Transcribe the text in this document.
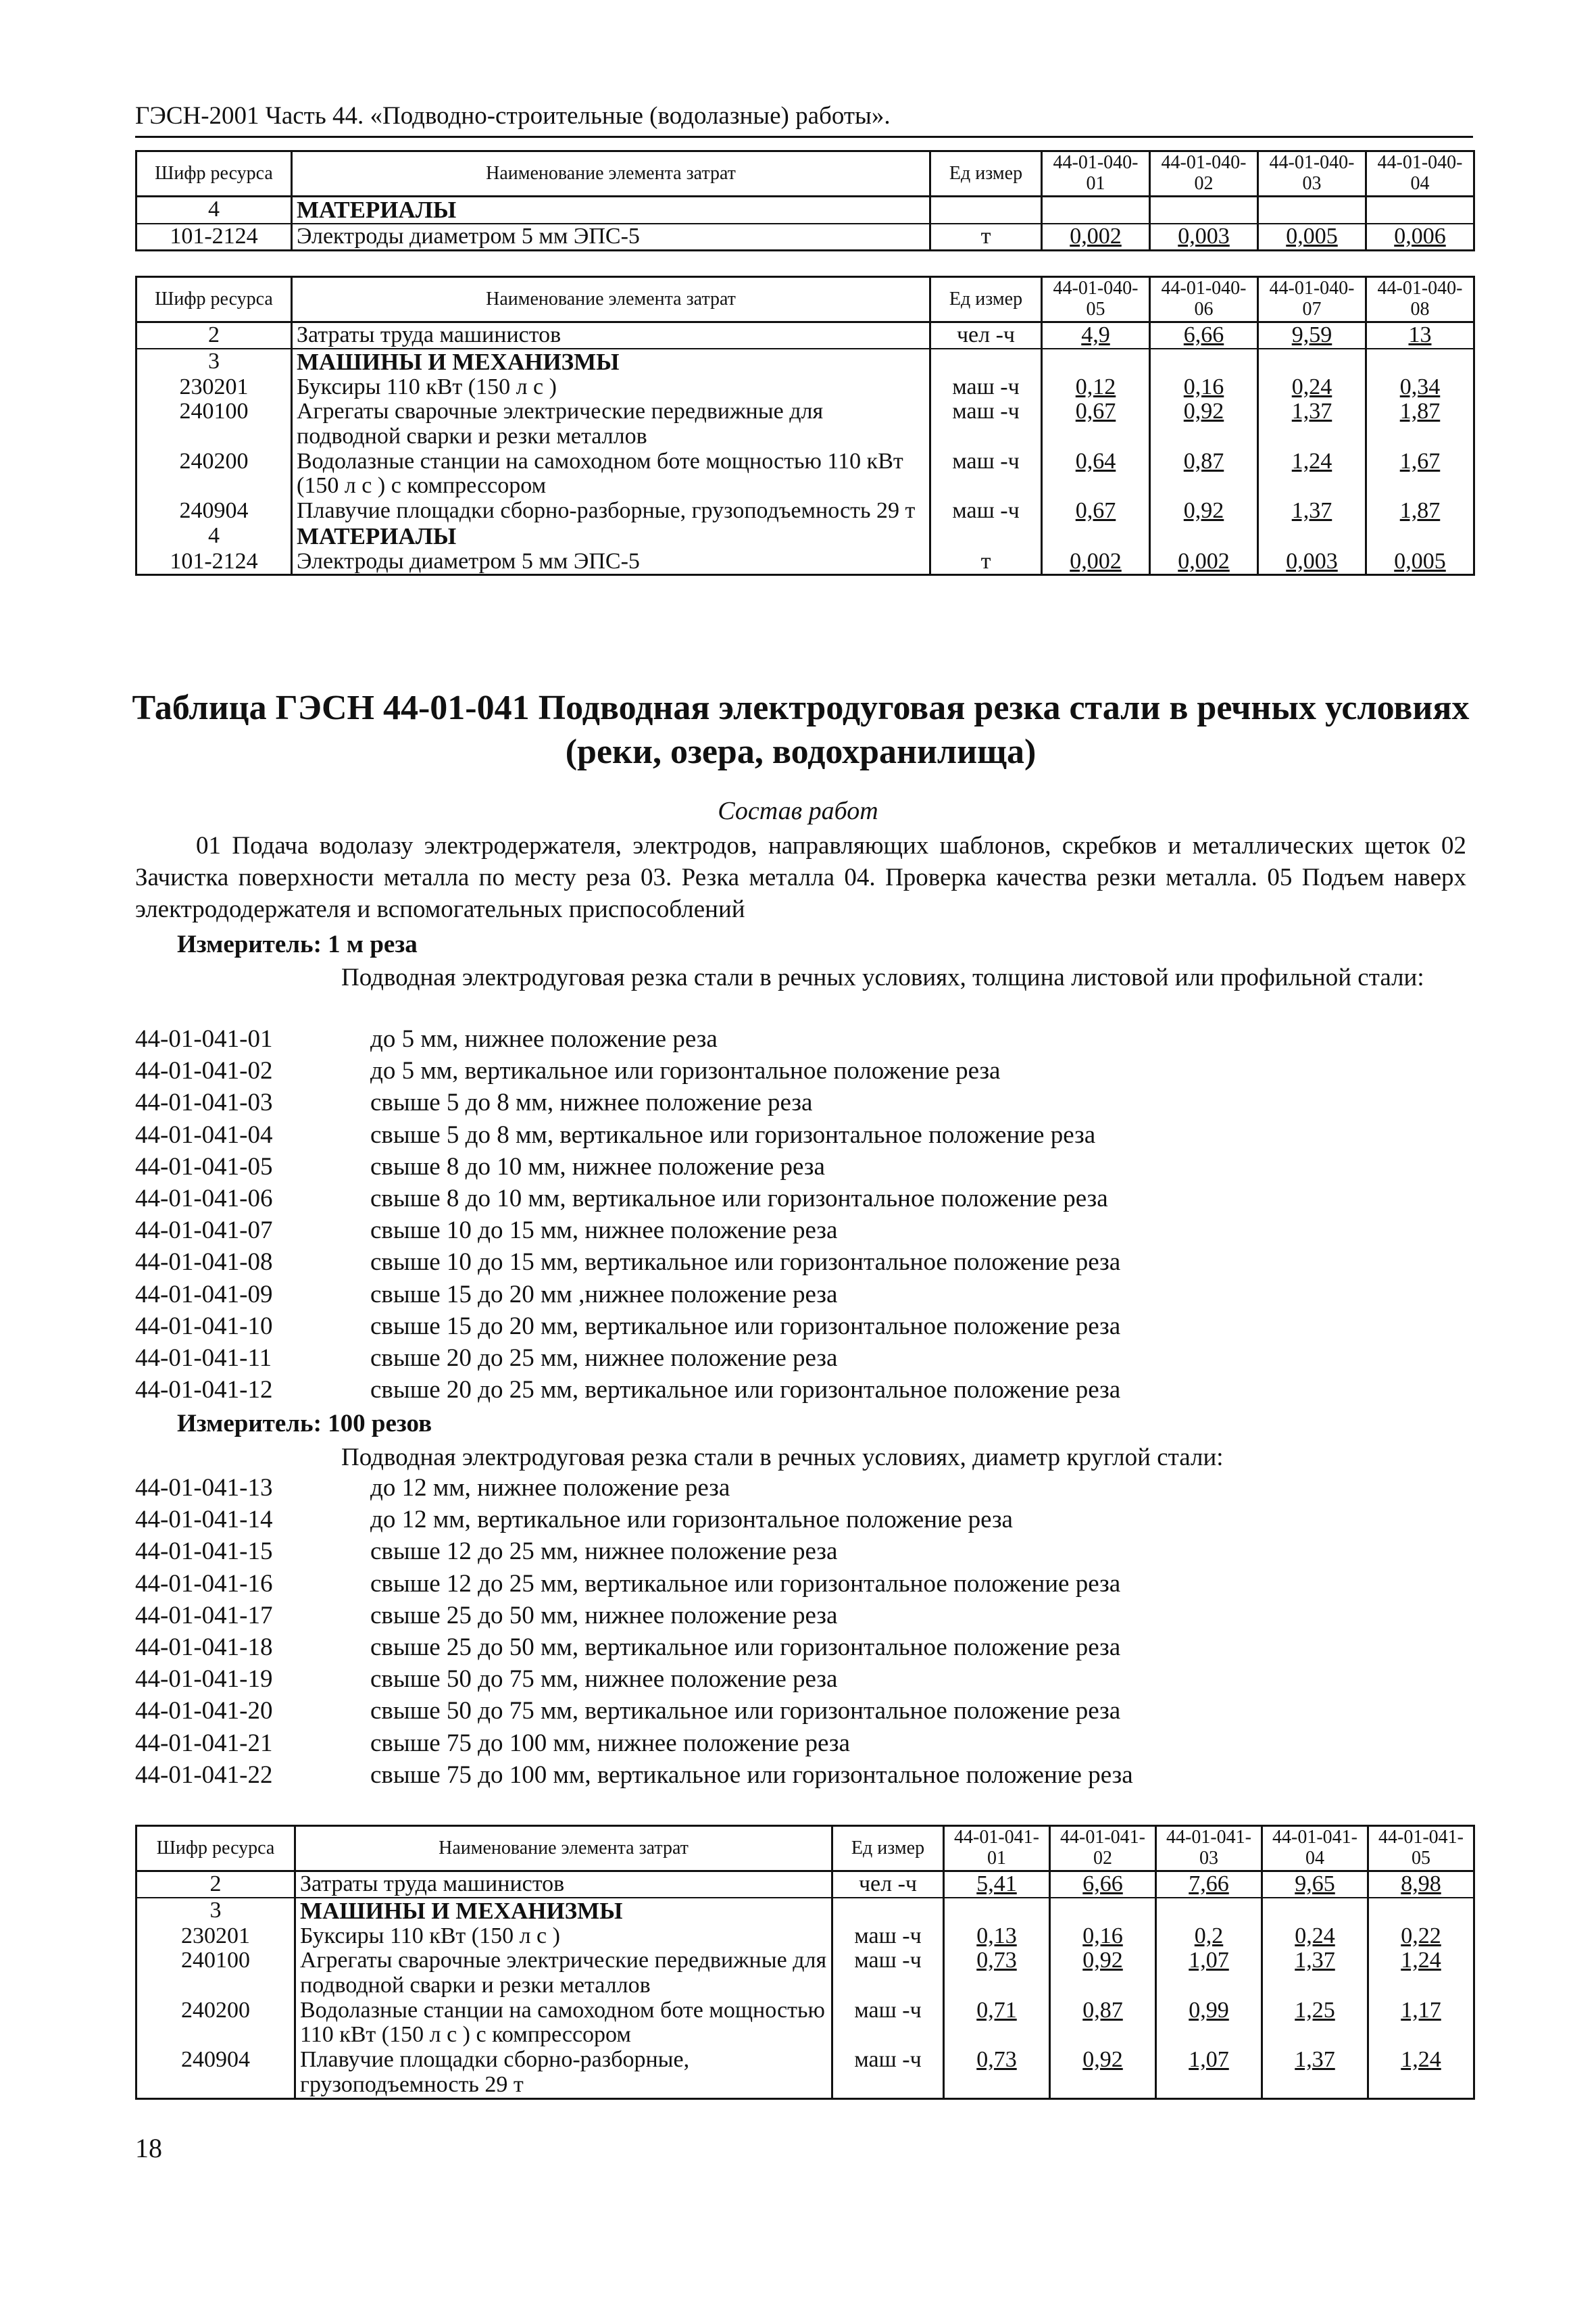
ГЭСН-2001 Часть 44. «Подводно-строительные (водолазные) работы».
Шифр ресурса	Наименование элемента затрат	Ед измер	44-01-040-01	44-01-040-02	44-01-040-03	44-01-040-04
4	МАТЕРИАЛЫ					
101-2124	Электроды диаметром 5 мм ЭПС-5	т	0,002	0,003	0,005	0,006
Шифр ресурса	Наименование элемента затрат	Ед измер	44-01-040-05	44-01-040-06	44-01-040-07	44-01-040-08
2	Затраты труда машинистов	чел -ч	4,9	6,66	9,59	13
3	МАШИНЫ И МЕХАНИЗМЫ					
230201	Буксиры 110 кВт (150 л с )	маш -ч	0,12	0,16	0,24	0,34
240100	Агрегаты сварочные электрические передвижные для подводной сварки и резки металлов	маш -ч	0,67	0,92	1,37	1,87
240200	Водолазные станции на самоходном боте мощностью 110 кВт (150 л с ) с компрессором	маш -ч	0,64	0,87	1,24	1,67
240904	Плавучие площадки сборно-разборные, грузоподъемность 29 т	маш -ч	0,67	0,92	1,37	1,87
4	МАТЕРИАЛЫ					
101-2124	Электроды диаметром 5 мм ЭПС-5	т	0,002	0,002	0,003	0,005
Таблица ГЭСН 44-01-041 Подводная электродуговая резка стали в речных условиях (реки, озера, водохранилища)
Состав работ
01 Подача водолазу электродержателя, электродов, направляющих шаблонов, скребков и металлических щеток 02 Зачистка поверхности металла по месту реза 03. Резка металла 04. Проверка качества резки металла. 05 Подъем наверх электрододержателя и вспомогательных приспособлений
Измеритель: 1 м реза
Подводная электродуговая резка стали в речных условиях, толщина листовой или профильной стали:
44-01-041-01	до 5 мм, нижнее положение реза
44-01-041-02	до 5 мм, вертикальное или горизонтальное положение реза
44-01-041-03	свыше 5 до 8 мм, нижнее положение реза
44-01-041-04	свыше 5 до 8 мм, вертикальное или горизонтальное положение реза
44-01-041-05	свыше 8 до 10 мм, нижнее положение реза
44-01-041-06	свыше 8 до 10 мм, вертикальное или горизонтальное положение реза
44-01-041-07	свыше 10 до 15 мм, нижнее положение реза
44-01-041-08	свыше 10 до 15 мм, вертикальное или горизонтальное положение реза
44-01-041-09	свыше 15 до 20 мм ,нижнее положение реза
44-01-041-10	свыше 15 до 20 мм, вертикальное или горизонтальное положение реза
44-01-041-11	свыше 20 до 25 мм, нижнее положение реза
44-01-041-12	свыше 20 до 25 мм, вертикальное или горизонтальное положение реза
Измеритель: 100 резов
Подводная электродуговая резка стали в речных условиях, диаметр круглой стали:
44-01-041-13	до 12 мм, нижнее положение реза
44-01-041-14	до 12 мм, вертикальное или горизонтальное положение реза
44-01-041-15	свыше 12 до 25 мм, нижнее положение реза
44-01-041-16	свыше 12 до 25 мм, вертикальное или горизонтальное положение реза
44-01-041-17	свыше 25 до 50 мм, нижнее положение реза
44-01-041-18	свыше 25 до 50 мм, вертикальное или горизонтальное положение реза
44-01-041-19	свыше 50 до 75 мм, нижнее положение реза
44-01-041-20	свыше 50 до 75 мм, вертикальное или горизонтальное положение реза
44-01-041-21	свыше 75 до 100 мм, нижнее положение реза
44-01-041-22	свыше 75 до 100 мм, вертикальное или горизонтальное положение реза
Шифр ресурса	Наименование элемента затрат	Ед измер	44-01-041-01	44-01-041-02	44-01-041-03	44-01-041-04	44-01-041-05
2	Затраты труда машинистов	чел -ч	5,41	6,66	7,66	9,65	8,98
3	МАШИНЫ И МЕХАНИЗМЫ						
230201	Буксиры 110 кВт (150 л с )	маш -ч	0,13	0,16	0,2	0,24	0,22
240100	Агрегаты сварочные электрические передвижные для подводной сварки и резки металлов	маш -ч	0,73	0,92	1,07	1,37	1,24
240200	Водолазные станции на самоходном боте мощностью 110 кВт (150 л с ) с компрессором	маш -ч	0,71	0,87	0,99	1,25	1,17
240904	Плавучие площадки сборно-разборные, грузоподъемность 29 т	маш -ч	0,73	0,92	1,07	1,37	1,24
18
